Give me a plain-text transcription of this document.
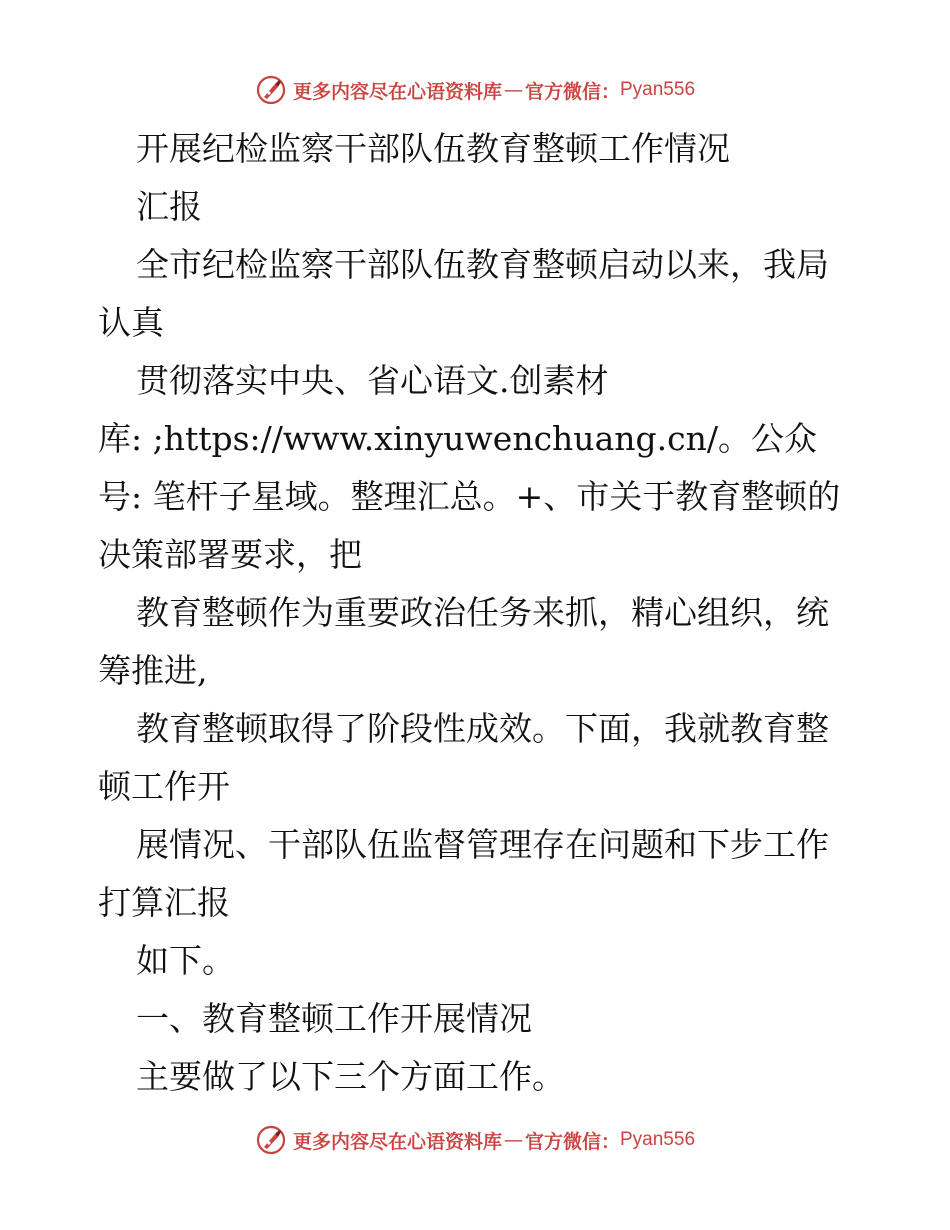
更多内容尽在心语资料库 — 官方微信： Pyan556

开展纪检监察干部队伍教育整顿工作情况

汇报

全市纪检监察干部队伍教育整顿启动以来，我局认真

贯彻落实中央、省心语文.创素材

库: ;https://www.xinyuwenchuang.cn/。公众号: 笔杆子星域。整理汇总。+、市关于教育整顿的决策部署要求，把

教育整顿作为重要政治任务来抓，精心组织，统筹推进,

教育整顿取得了阶段性成效。下面，我就教育整顿工作开

展情况、干部队伍监督管理存在问题和下步工作打算汇报

如下。

一、教育整顿工作开展情况

主要做了以下三个方面工作。

更多内容尽在心语资料库 — 官方微信： Pyan556
